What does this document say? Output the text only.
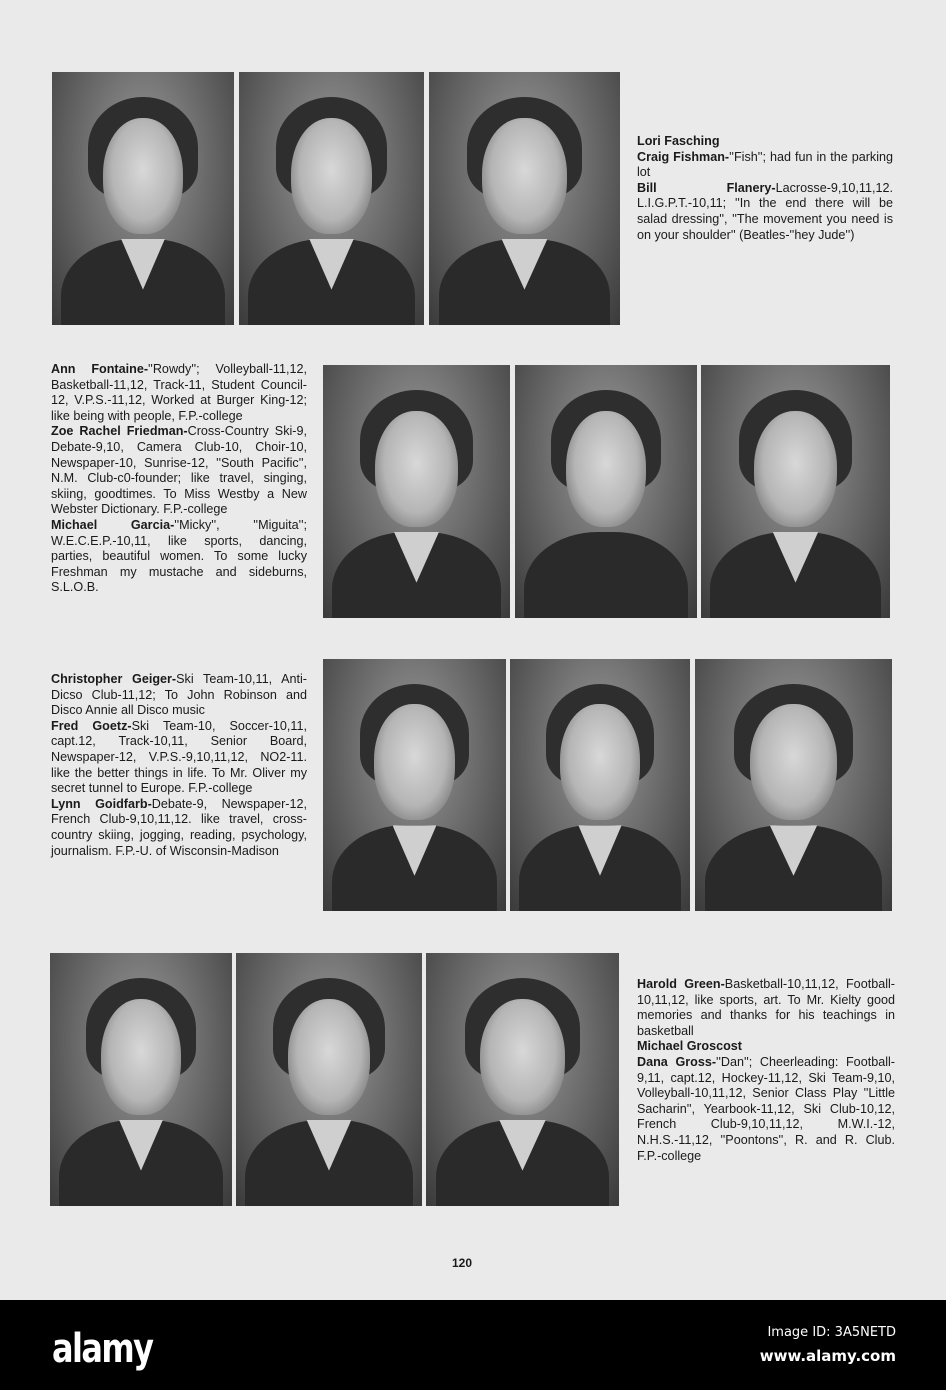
Lori Fasching

Craig Fishman-''Fish''; had fun in the parking lot

Bill Flanery-Lacrosse-9,10,11,12. L.I.G.P.T.-10,11; ''In the end there will be salad dressing'', ''The movement you need is on your shoulder'' (Beatles-''hey Jude'')

Ann Fontaine-''Rowdy''; Volleyball-11,12, Basketball-11,12, Track-11, Student Council-12, V.P.S.-11,12, Worked at Burger King-12; like being with people, F.P.-college

Zoe Rachel Friedman-Cross-Country Ski-9, Debate-9,10, Camera Club-10, Choir-10, Newspaper-10, Sunrise-12, ''South Pacific'', N.M. Club-c0-founder; like travel, singing, skiing, goodtimes. To Miss Westby a New Webster Dictionary. F.P.-college

Michael Garcia-''Micky'', ''Miguita''; W.E.C.E.P.-10,11, like sports, dancing, parties, beautiful women. To some lucky Freshman my mustache and sideburns, S.L.O.B.

Christopher Geiger-Ski Team-10,11, Anti-Dicso Club-11,12; To John Robinson and Disco Annie all Disco music

Fred Goetz-Ski Team-10, Soccer-10,11, capt.12, Track-10,11, Senior Board, Newspaper-12, V.P.S.-9,10,11,12, NO2-11. like the better things in life. To Mr. Oliver my secret tunnel to Europe. F.P.-college

Lynn Goidfarb-Debate-9, Newspaper-12, French Club-9,10,11,12. like travel, cross-country skiing, jogging, reading, psychology, journalism. F.P.-U. of Wisconsin-Madison

Harold Green-Basketball-10,11,12, Football-10,11,12, like sports, art. To Mr. Kielty good memories and thanks for his teachings in basketball

Michael Groscost

Dana Gross-''Dan''; Cheerleading: Football-9,11, capt.12, Hockey-11,12, Ski Team-9,10, Volleyball-10,11,12, Senior Class Play ''Little Sacharin'', Yearbook-11,12, Ski Club-10,12, French Club-9,10,11,12, M.W.I.-12, N.H.S.-11,12, ''Poontons'', R. and R. Club. F.P.-college

120
alamy	Image ID: 3A5NETD
www.alamy.com
